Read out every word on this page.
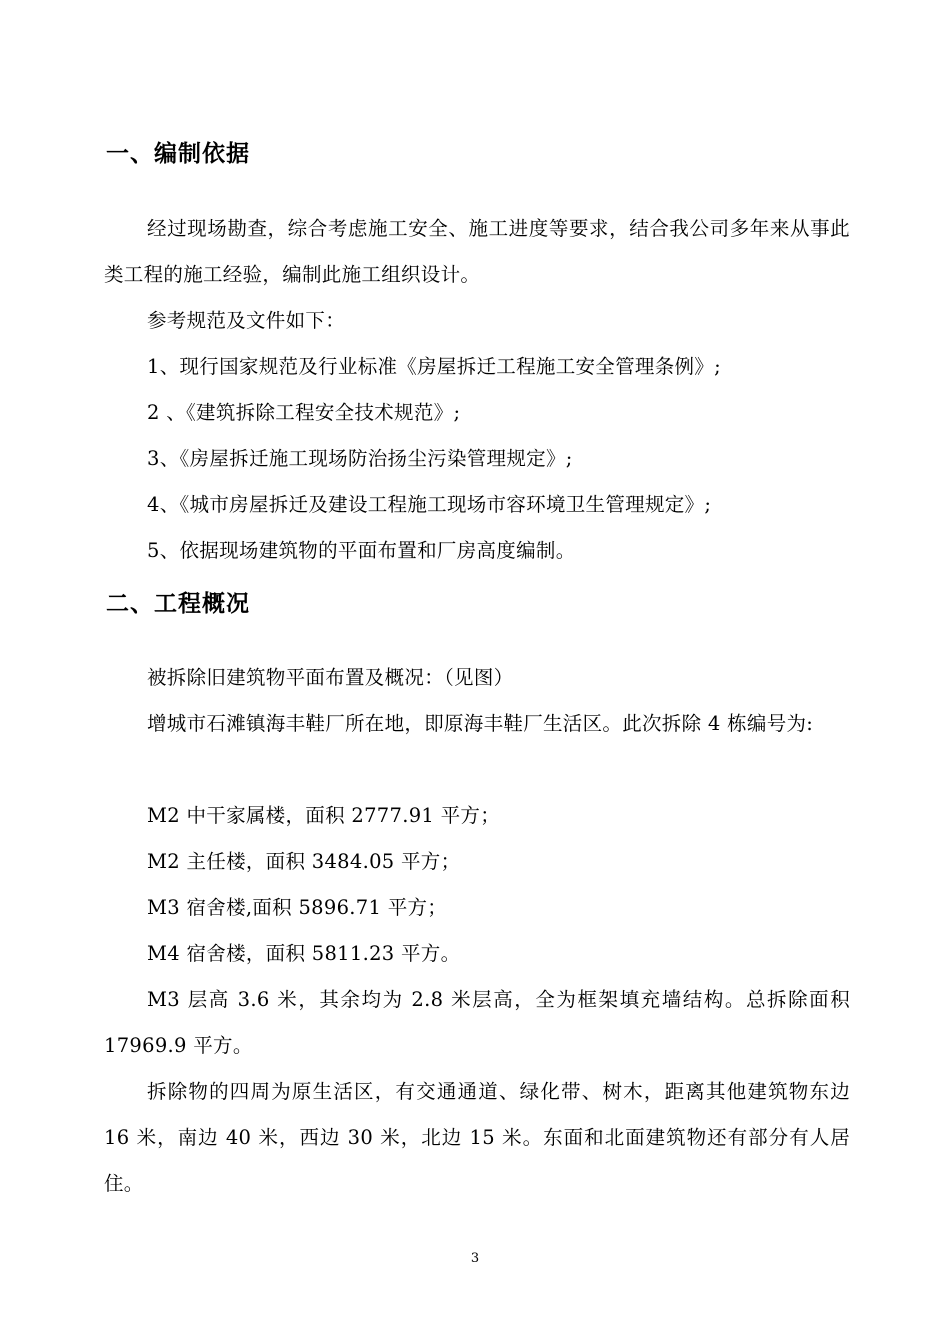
一、编制依据

经过现场勘查，综合考虑施工安全、施工进度等要求，结合我公司多年来从事此类工程的施工经验，编制此施工组织设计。

参考规范及文件如下：

1、现行国家规范及行业标准《房屋拆迁工程施工安全管理条例》;

2 、《建筑拆除工程安全技术规范》;

3、《房屋拆迁施工现场防治扬尘污染管理规定》;

4、《城市房屋拆迁及建设工程施工现场市容环境卫生管理规定》;

5、依据现场建筑物的平面布置和厂房高度编制。

二、工程概况

被拆除旧建筑物平面布置及概况：（见图）

增城市石滩镇海丰鞋厂所在地，即原海丰鞋厂生活区。此次拆除 4 栋编号为:

M2 中干家属楼，面积 2777.91 平方；

M2 主任楼，面积 3484.05 平方；

M3 宿舍楼,面积 5896.71 平方；

M4 宿舍楼，面积 5811.23 平方。

M3 层高 3.6 米，其余均为 2.8 米层高，全为框架填充墙结构。总拆除面积 17969.9 平方。

拆除物的四周为原生活区，有交通通道、绿化带、树木，距离其他建筑物东边 16 米，南边 40 米，西边 30 米，北边 15 米。东面和北面建筑物还有部分有人居住。

3
